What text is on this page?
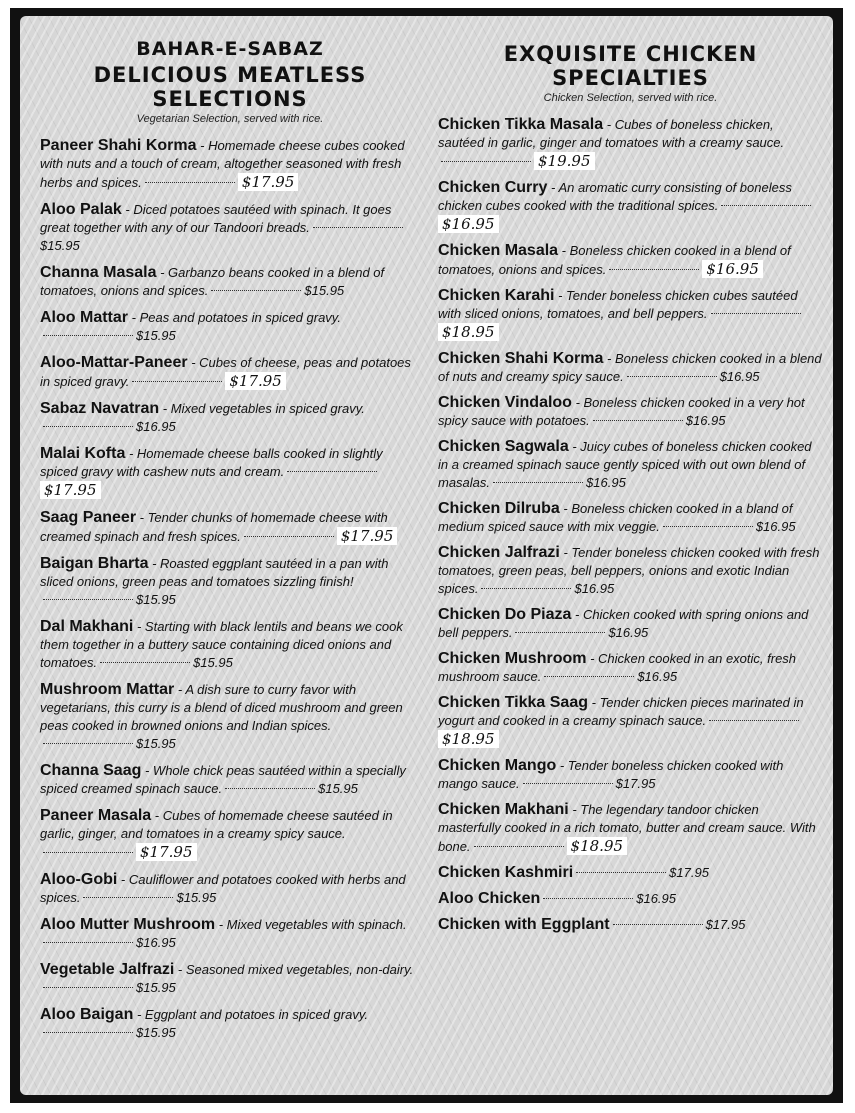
BAHAR-E-SABAZ
DELICIOUS MEATLESS SELECTIONS
Vegetarian Selection, served with rice.
Paneer Shahi Korma - Homemade cheese cubes cooked with nuts and a touch of cream, altogether seasoned with fresh herbs and spices.	$17.95
Aloo Palak - Diced potatoes sautéed with spinach. It goes great together with any of our Tandoori breads.$15.95
Channa Masala - Garbanzo beans cooked in a blend of tomatoes, onions and spices.	$15.95
Aloo Mattar - Peas and potatoes in spiced gravy.$15.95
Aloo-Mattar-Paneer - Cubes of cheese, peas and potatoes in spiced gravy.	$17.95
Sabaz Navatran - Mixed vegetables in spiced gravy.$16.95
Malai Kofta - Homemade cheese balls cooked in slightly spiced gravy with cashew nuts and cream.$17.95
Saag Paneer - Tender chunks of homemade cheese with creamed spinach and fresh spices.	$17.95
Baigan Bharta - Roasted eggplant sautéed in a pan with sliced onions, green peas and tomatoes sizzling finish!$15.95
Dal Makhani - Starting with black lentils and beans we cook them together in a buttery sauce containing diced onions and tomatoes.	$15.95
Mushroom Mattar - A dish sure to curry favor with vegetarians, this curry is a blend of diced mushroom and green peas cooked in browned onions and Indian spices.$15.95
Channa Saag - Whole chick peas sautéed within a specially spiced creamed spinach sauce.	$15.95
Paneer Masala - Cubes of homemade cheese sautéed in garlic, ginger, and tomatoes in a creamy spicy sauce.$17.95
Aloo-Gobi - Cauliflower and potatoes cooked with herbs and spices.	$15.95
Aloo Mutter Mushroom - Mixed vegetables with spinach.$16.95
Vegetable Jalfrazi - Seasoned mixed vegetables, non-dairy.$15.95
Aloo Baigan - Eggplant and potatoes in spiced gravy.$15.95
EXQUISITE CHICKEN SPECIALTIES
Chicken Selection, served with rice.
Chicken Tikka Masala - Cubes of boneless chicken, sautéed in garlic, ginger and tomatoes with a creamy sauce.$19.95
Chicken Curry - An aromatic curry consisting of boneless chicken cubes cooked with the traditional spices.$16.95
Chicken Masala - Boneless chicken cooked in a blend of tomatoes, onions and spices.	$16.95
Chicken Karahi - Tender boneless chicken cubes sautéed with sliced onions, tomatoes, and bell peppers.$18.95
Chicken Shahi Korma - Boneless chicken cooked in a blend of nuts and creamy spicy sauce.	$16.95
Chicken Vindaloo - Boneless chicken cooked in a very hot spicy sauce with potatoes.	$16.95
Chicken Sagwala - Juicy cubes of boneless chicken cooked in a creamed spinach sauce gently spiced with out own blend of masalas.	$16.95
Chicken Dilruba - Boneless chicken cooked in a bland of medium spiced sauce with mix veggie.	$16.95
Chicken Jalfrazi - Tender boneless chicken cooked with fresh tomatoes, green peas, bell peppers, onions and exotic Indian spices.	$16.95
Chicken Do Piaza - Chicken cooked with spring onions and bell peppers.	$16.95
Chicken Mushroom - Chicken cooked in an exotic, fresh mushroom sauce.	$16.95
Chicken Tikka Saag - Tender chicken pieces marinated in yogurt and cooked in a creamy spinach sauce.$18.95
Chicken Mango - Tender boneless chicken cooked with mango sauce.	$17.95
Chicken Makhani - The legendary tandoor chicken masterfully cooked in a rich tomato, butter and cream sauce. With bone.	$18.95
Chicken Kashmiri	$17.95
Aloo Chicken	$16.95
Chicken with Eggplant	$17.95
